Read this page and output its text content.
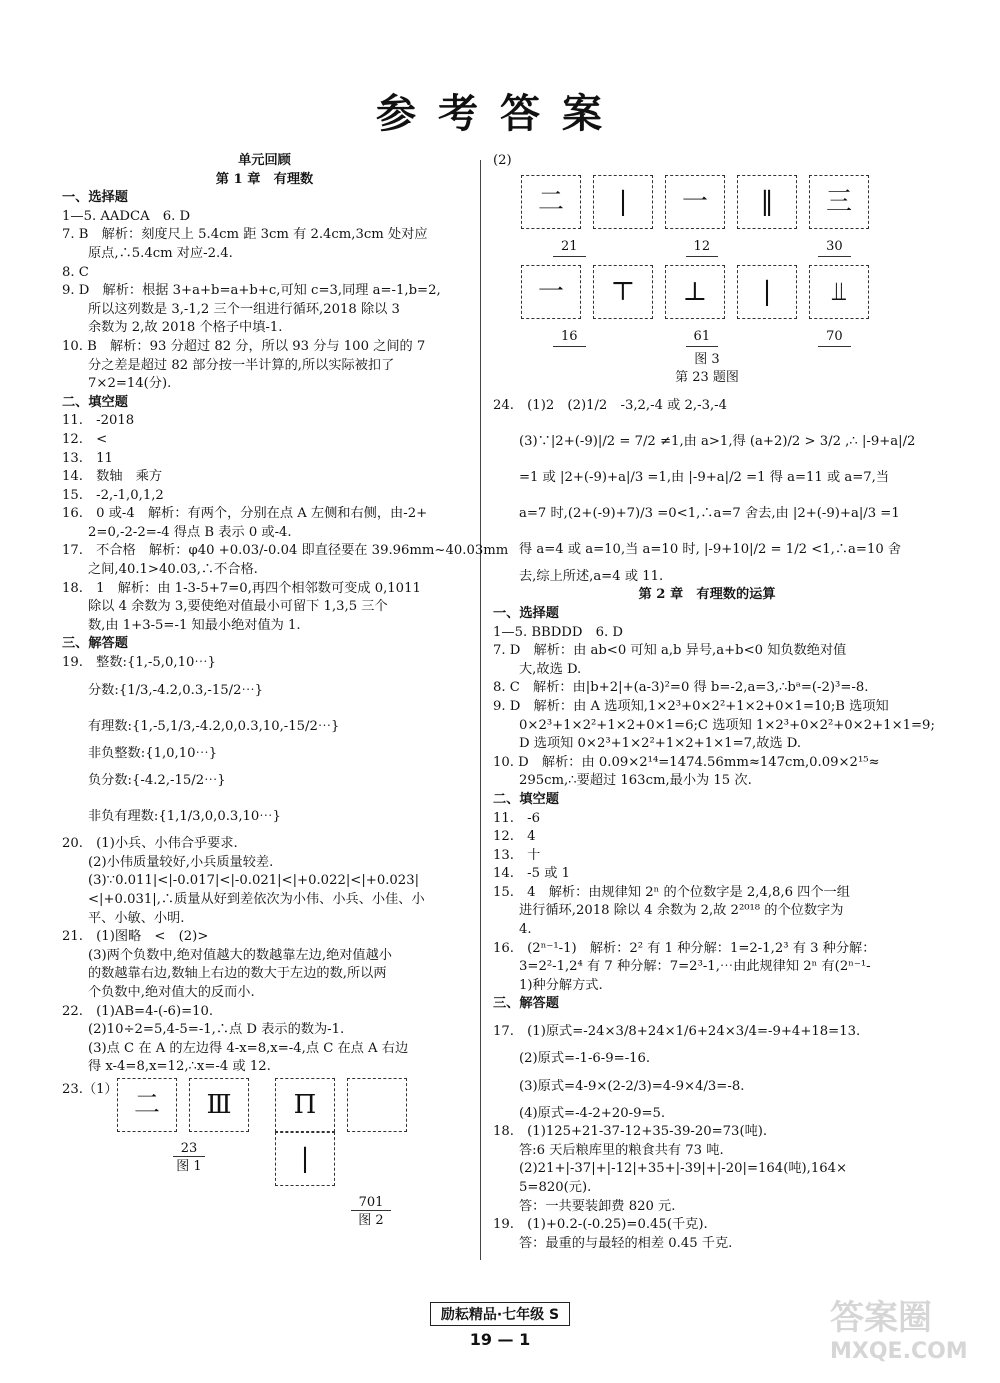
参考答案
单元回顾
第 1 章　有理数
一、选择题
1—5. AADCA　6. D
7. B　解析：刻度尺上 5.4cm 距 3cm 有 2.4cm,3cm 处对应
原点,∴5.4cm 对应-2.4.
8. C
9. D　解析：根据 3+a+b=a+b+c,可知 c=3,同理 a=-1,b=2,
所以这列数是 3,-1,2 三个一组进行循环,2018 除以 3
余数为 2,故 2018 个格子中填-1.
10. B　解析：93 分超过 82 分，所以 93 分与 100 之间的 7
分之差是超过 82 部分按一半计算的,所以实际被扣了
7×2=14(分).
二、填空题
11.　-2018
12.　<
13.　11
14.　数轴　乘方
15.　-2,-1,0,1,2
16.　0 或-4　解析：有两个，分别在点 A 左侧和右侧，由-2+
2=0,-2-2=-4 得点 B 表示 0 或-4.
17.　不合格　解析：φ40 +0.03/-0.04 即直径要在 39.96mm~40.03mm
之间,40.1>40.03,∴不合格.
18.　1　解析：由 1-3-5+7=0,再四个相邻数可变成 0,1011
除以 4 余数为 3,要使绝对值最小可留下 1,3,5 三个
数,由 1+3-5=-1 知最小绝对值为 1.
三、解答题
19.　整数:{1,-5,0,10⋯}
分数:{1/3,-4.2,0.3,-15/2⋯}
有理数:{1,-5,1/3,-4.2,0,0.3,10,-15/2⋯}
非负整数:{1,0,10⋯}
负分数:{-4.2,-15/2⋯}
非负有理数:{1,1/3,0,0.3,10⋯}
20.　(1)小兵、小伟合乎要求.
(2)小伟质量较好,小兵质量较差.
(3)∵0.011|<|-0.017|<|-0.021|<|+0.022|<|+0.023|
<|+0.031|,∴质量从好到差依次为小伟、小兵、小佳、小
平、小敏、小明.
21.　(1)图略　<　(2)>
(3)两个负数中,绝对值越大的数越靠左边,绝对值越小
的数越靠右边,数轴上右边的数大于左边的数,所以两
个负数中,绝对值大的反而小.
22.　(1)AB=4-(-6)=10.
(2)10÷2=5,4-5=-1,∴点 D 表示的数为-1.
(3)点 C 在 A 的左边得 4-x=8,x=-4,点 C 在点 A 右边
得 x-4=8,x=12,∴x=-4 或 12.
23.（1）
二 Ⅲ
23
图 1
Π|
701
图 2
(2)
二 | 一 ‖ 三
21	12	30
一 ⊤ ⊥ | ⫫
16	61	70
图 3
第 23 题图
24.　(1)2　(2)1/2　-3,2,-4 或 2,-3,-4
(3)∵|2+(-9)|/2 = 7/2 ≠1,由 a>1,得 (a+2)/2 > 3/2 ,∴ |-9+a|/2
=1 或 |2+(-9)+a|/3 =1,由 |-9+a|/2 =1 得 a=11 或 a=7,当
a=7 时,(2+(-9)+7)/3 =0<1,∴a=7 舍去,由 |2+(-9)+a|/3 =1
得 a=4 或 a=10,当 a=10 时, |-9+10|/2 = 1/2 <1,∴a=10 舍
去,综上所述,a=4 或 11.
第 2 章　有理数的运算
一、选择题
1—5. BBDDD　6. D
7. D　解析：由 ab<0 可知 a,b 异号,a+b<0 知负数绝对值
大,故选 D.
8. C　解析：由|b+2|+(a-3)²=0 得 b=-2,a=3,∴bᵃ=(-2)³=-8.
9. D　解析：由 A 选项知,1×2³+0×2²+1×2+0×1=10;B 选项知
0×2³+1×2²+1×2+0×1=6;C 选项知 1×2³+0×2²+0×2+1×1=9;
D 选项知 0×2³+1×2²+1×2+1×1=7,故选 D.
10. D　解析：由 0.09×2¹⁴=1474.56mm≈147cm,0.09×2¹⁵≈
295cm,∴要超过 163cm,最小为 15 次.
二、填空题
11.　-6
12.　4
13.　十
14.　-5 或 1
15.　4　解析：由规律知 2ⁿ 的个位数字是 2,4,8,6 四个一组
进行循环,2018 除以 4 余数为 2,故 2²⁰¹⁸ 的个位数字为
4.
16.　(2ⁿ⁻¹-1)　解析：2² 有 1 种分解：1=2-1,2³ 有 3 种分解：
3=2²-1,2⁴ 有 7 种分解：7=2³-1,⋯由此规律知 2ⁿ 有(2ⁿ⁻¹-
1)种分解方式.
三、解答题
17.　(1)原式=-24×3/8+24×1/6+24×3/4=-9+4+18=13.
(2)原式=-1-6-9=-16.
(3)原式=4-9×(2-2/3)=4-9×4/3=-8.
(4)原式=-4-2+20-9=5.
18.　(1)125+21-37-12+35-39-20=73(吨).
答:6 天后粮库里的粮食共有 73 吨.
(2)21+|-37|+|-12|+35+|-39|+|-20|=164(吨),164×
5=820(元).
答：一共要装卸费 820 元.
19.　(1)+0.2-(-0.25)=0.45(千克).
答：最重的与最轻的相差 0.45 千克.
励耘精品·七年级 S
19 — 1
答案圈
MXQE.COM
